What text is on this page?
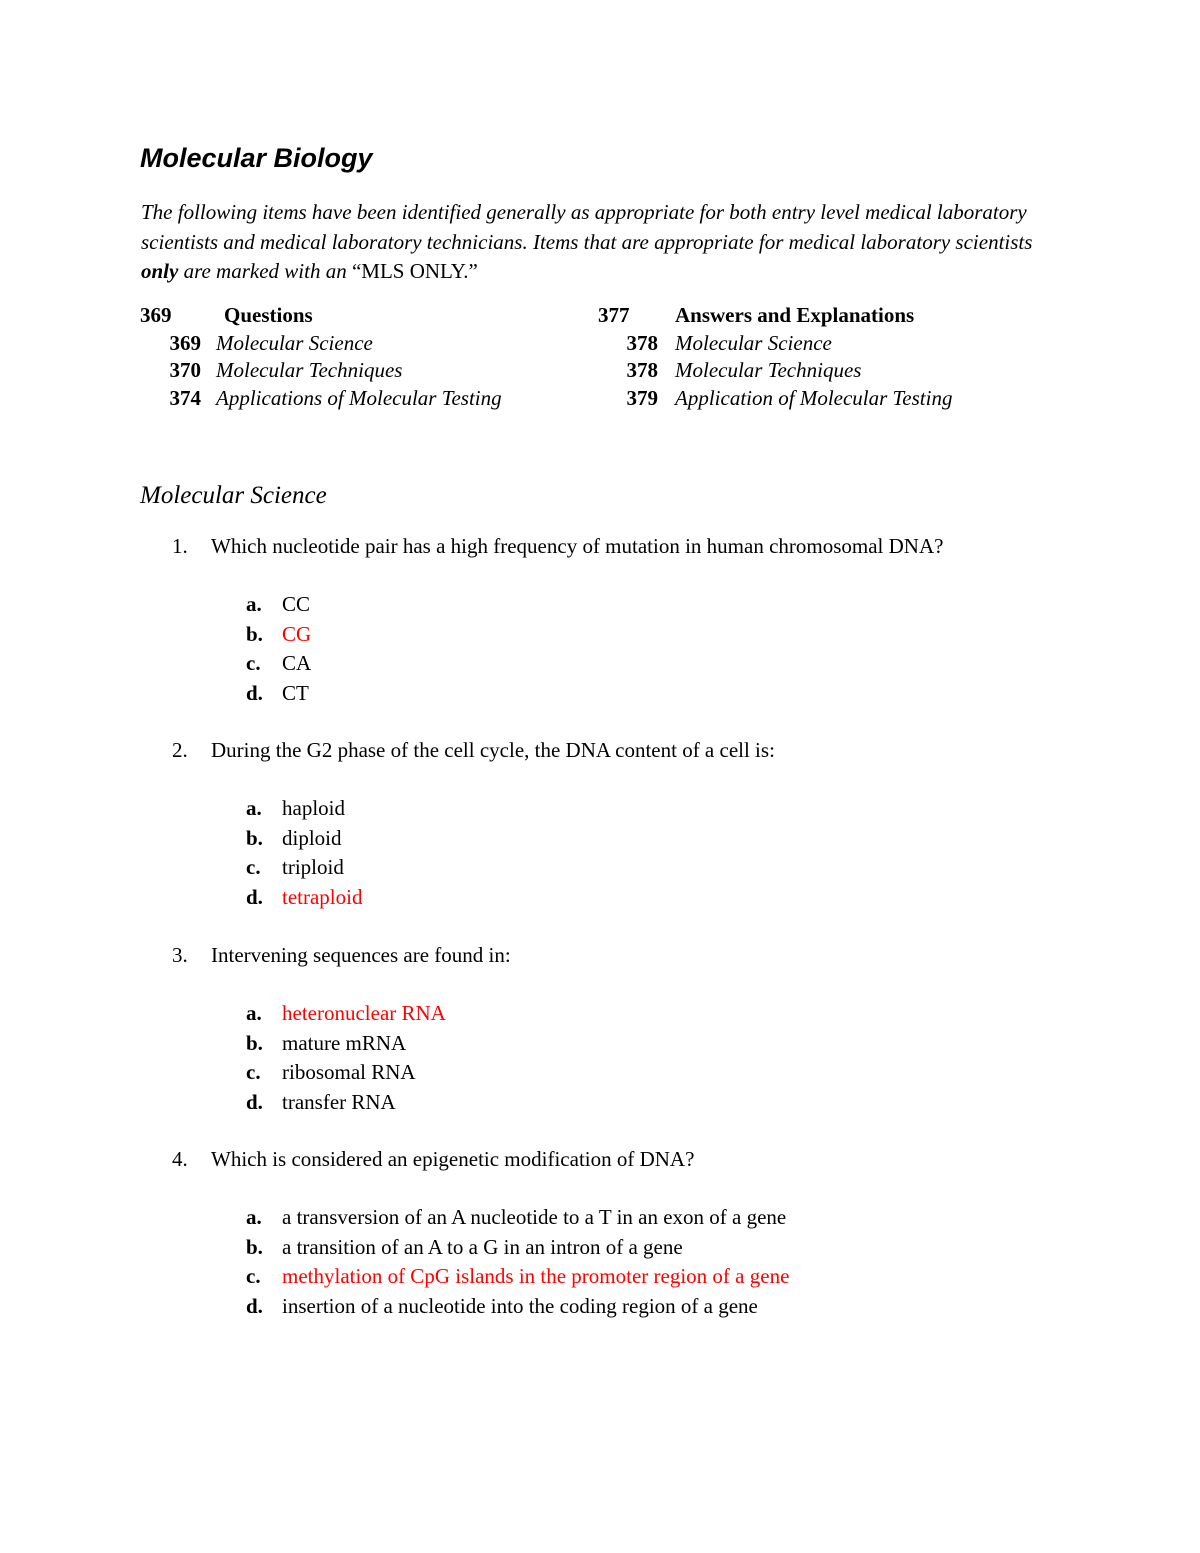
Molecular Biology

The following items have been identified generally as appropriate for both entry level medical laboratory scientists and medical laboratory technicians. Items that are appropriate for medical laboratory scientists only are marked with an “MLS ONLY.”

369	Questions
369 Molecular Science
370 Molecular Techniques
374 Applications of Molecular Testing
377 Answers and Explanations
378 Molecular Science
378 Molecular Techniques
379 Application of Molecular Testing
Molecular Science
1.	Which nucleotide pair has a high frequency of mutation in human chromosomal DNA?
a. CC
b. CG
c. CA
d. CT
2.	During the G2 phase of the cell cycle, the DNA content of a cell is:
a. haploid
b. diploid
c. triploid
d. tetraploid
3.	Intervening sequences are found in:
a. heteronuclear RNA
b. mature mRNA
c. ribosomal RNA
d. transfer RNA
4.	Which is considered an epigenetic modification of DNA?
a. a transversion of an A nucleotide to a T in an exon of a gene
b. a transition of an A to a G in an intron of a gene
c. methylation of CpG islands in the promoter region of a gene
d. insertion of a nucleotide into the coding region of a gene
